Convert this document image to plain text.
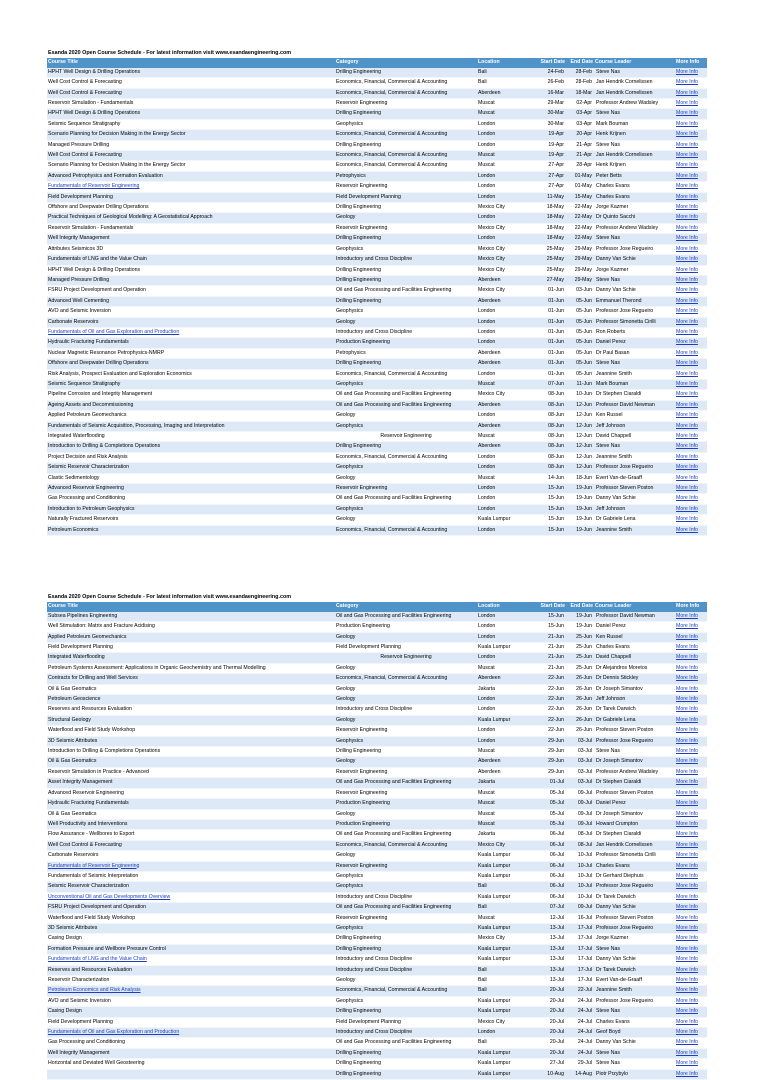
Esanda 2020 Open Course Schedule - For latest information visit www.esandaengineering.com
Course Title	Category	Location	Start Date	End Date	Course Leader	More Info
HPHT Well Design & Drilling Operations	Drilling Engineering	Bali	24-Feb	28-Feb	Steve Nas	More Info
Well Cost Control & Forecasting	Economics, Financial, Commercial & Accounting	Bali	26-Feb	28-Feb	Jan Hendrik Cornelissen	More Info
Well Cost Control & Forecasting	Economics, Financial, Commercial & Accounting	Aberdeen	16-Mar	18-Mar	Jan Hendrik Cornelissen	More Info
Reservoir Simulation - Fundamentals	Reservoir Engineering	Muscat	29-Mar	02-Apr	Professor Andrew Wadsley	More Info
HPHT Well Design & Drilling Operations	Drilling Engineering	Muscat	30-Mar	03-Apr	Steve Nas	More Info
Seismic Sequence Stratigraphy	Geophysics	London	30-Mar	03-Apr	Mark Bouman	More Info
Scenario Planning for Decision Making in the Energy Sector	Economics, Financial, Commercial & Accounting	London	19-Apr	20-Apr	Henk Krijnen	More Info
Managed Pressure Drilling	Drilling Engineering	London	19-Apr	21-Apr	Steve Nas	More Info
Well Cost Control & Forecasting	Economics, Financial, Commercial & Accounting	Muscat	19-Apr	21-Apr	Jan Hendrik Cornelissen	More Info
Scenario Planning for Decision Making in the Energy Sector	Economics, Financial, Commercial & Accounting	Muscat	27-Apr	28-Apr	Henk Krijnen	More Info
Advanced Petrophysics and Formation Evaluation	Petrophysics	London	27-Apr	01-May	Peter Betts	More Info
Fundamentals of Reservoir Engineering	Reservoir Engineering	London	27-Apr	01-May	Charles Evans	More Info
Field Development Planning	Field Development Planning	London	11-May	15-May	Charles Evans	More Info
Offshore and Deepwater Drilling Operations	Drilling Engineering	Mexico City	18-May	22-May	Jorge Kazmer	More Info
Practical Techniques of Geological Modelling: A Geostatistical Approach	Geology	London	18-May	22-May	Dr Quinto Sacchi	More Info
Reservoir Simulation - Fundamentals	Reservoir Engineering	Mexico City	18-May	22-May	Professor Andrew Wadsley	More Info
Well Integrity Management	Drilling Engineering	London	18-May	22-May	Steve Nas	More Info
Attributes Seismicos 3D	Geophysics	Mexico City	25-May	29-May	Professor Jose Regueiro	More Info
Fundamentals of LNG and the Value Chain	Introductory and Cross Discipline	Mexico City	25-May	29-May	Danny Van Schie	More Info
HPHT Well Design & Drilling Operations	Drilling Engineering	Mexico City	25-May	29-May	Jorge Kazmer	More Info
Managed Pressure Drilling	Drilling Engineering	Aberdeen	27-May	29-May	Steve Nas	More Info
FSRU Project Development and Operation	Oil and Gas Processing and Facilities Engineering	Mexico City	01-Jun	03-Jun	Danny Van Schie	More Info
Advanced Well Cementing	Drilling Engineering	Aberdeen	01-Jun	05-Jun	Emmanuel Therond	More Info
AVO and Seismic Inversion	Geophysics	London	01-Jun	05-Jun	Professor Jose Regueiro	More Info
Carbonate Reservoirs	Geology	London	01-Jun	05-Jun	Professor Simonetta Cirilli	More Info
Fundamentals of Oil and Gas Exploration and Production	Introductory and Cross Discipline	London	01-Jun	05-Jun	Ron Roberts	More Info
Hydraulic Fracturing Fundamentals	Production Engineering	London	01-Jun	05-Jun	Daniel Perez	More Info
Nuclear Magnetic Resonance Petrophysics-NMRP	Petrophysics	Aberdeen	01-Jun	05-Jun	Dr Paul Basan	More Info
Offshore and Deepwater Drilling Operations	Drilling Engineering	Aberdeen	01-Jun	05-Jun	Steve Nas	More Info
Risk Analysis, Prospect Evaluation and Exploration Economics	Economics, Financial, Commercial & Accounting	London	01-Jun	05-Jun	Jeannine Smith	More Info
Seismic Sequence Stratigraphy	Geophysics	Muscat	07-Jun	11-Jun	Mark Bouman	More Info
Pipeline Corrosion and Integrity Management	Oil and Gas Processing and Facilities Engineering	Mexico City	08-Jun	10-Jun	Dr Stephen Ciaraldi	More Info
Ageing Assets and Decommissioning	Oil and Gas Processing and Facilities Engineering	Aberdeen	08-Jun	12-Jun	Professor David Newman	More Info
Applied Petroleum Geomechanics	Geology	London	08-Jun	12-Jun	Ken Russel	More Info
Fundamentals of Seismic Acquisition, Processing, Imaging and Interpretation	Geophysics	Aberdeen	08-Jun	12-Jun	Jeff Johnson	More Info
Integrated Waterflooding	Reservoir Engineering	Muscat	08-Jun	12-Jun	David Chappell	More Info
Introduction to Drilling & Completions Operations	Drilling Engineering	Aberdeen	08-Jun	12-Jun	Steve Nas	More Info
Project Decision and Risk Analysis	Economics, Financial, Commercial & Accounting	London	08-Jun	12-Jun	Jeannine Smith	More Info
Seismic Reservoir Characterization	Geophysics	London	08-Jun	12-Jun	Professor Jose Regueiro	More Info
Clastic Sedimentology	Geology	Muscat	14-Jun	18-Jun	Evert Van-de-Graaff	More Info
Advanced Reservoir Engineering	Reservoir Engineering	London	15-Jun	19-Jun	Professor Steven Poston	More Info
Gas Processing and Conditioning	Oil and Gas Processing and Facilities Engineering	London	15-Jun	19-Jun	Danny Van Schie	More Info
Introduction to Petroleum Geophysics	Geophysics	London	15-Jun	19-Jun	Jeff Johnson	More Info
Naturally Fractured Reservoirs	Geology	Kuala Lumpur	15-Jun	19-Jun	Dr Gabriele Lena	More Info
Petroleum Economics	Economics, Financial, Commercial & Accounting	London	15-Jun	19-Jun	Jeannine Smith	More Info
Esanda 2020 Open Course Schedule - For latest information visit www.esandaengineering.com
Course Title	Category	Location	Start Date	End Date	Course Leader	More Info
Subsea Pipelines Engineering	Oil and Gas Processing and Facilities Engineering	London	15-Jun	19-Jun	Professor David Newman	More Info
Well Stimulation: Matrix and Fracture Acidising	Production Engineering	London	15-Jun	19-Jun	Daniel Perez	More Info
Applied Petroleum Geomechanics	Geology	London	21-Jun	25-Jun	Ken Russel	More Info
Field Development Planning	Field Development Planning	Kuala Lumpur	21-Jun	25-Jun	Charles Evans	More Info
Integrated Waterflooding	Reservoir Engineering	London	21-Jun	25-Jun	David Chappell	More Info
Petroleum Systems Assessment: Applications in Organic Geochemistry and Thermal Modelling	Geology	Muscat	21-Jun	25-Jun	Dr Alejandros Moretos	More Info
Contracts for Drilling and Well Services	Economics, Financial, Commercial & Accounting	Aberdeen	22-Jun	26-Jun	Dr Dennis Stickley	More Info
Oil & Gas Geomatics	Geology	Jakarta	22-Jun	26-Jun	Dr Joseph Simantov	More Info
Petroleum Geoscience	Geology	London	22-Jun	26-Jun	Jeff Johnson	More Info
Reserves and Resources Evaluation	Introductory and Cross Discipline	London	22-Jun	26-Jun	Dr Tarek Darwich	More Info
Structural Geology	Geology	Kuala Lumpur	22-Jun	26-Jun	Dr Gabriele Lena	More Info
Waterflood and Field Study Workshop	Reservoir Engineering	London	22-Jun	26-Jun	Professor Steven Poston	More Info
3D Seismic Attributes	Geophysics	London	29-Jun	03-Jul	Professor Jose Regueiro	More Info
Introduction to Drilling & Completions Operations	Drilling Engineering	Muscat	29-Jun	03-Jul	Steve Nas	More Info
Oil & Gas Geomatics	Geology	Aberdeen	29-Jun	03-Jul	Dr Joseph Simantov	More Info
Reservoir Simulation in Practice - Advanced	Reservoir Engineering	Aberdeen	29-Jun	03-Jul	Professor Andrew Wadsley	More Info
Asset Integrity Management	Oil and Gas Processing and Facilities Engineering	Jakarta	01-Jul	03-Jul	Dr Stephen Ciaraldi	More Info
Advanced Reservoir Engineering	Reservoir Engineering	Muscat	05-Jul	09-Jul	Professor Steven Poston	More Info
Hydraulic Fracturing Fundamentals	Production Engineering	Muscat	05-Jul	09-Jul	Daniel Perez	More Info
Oil & Gas Geomatics	Geology	Muscat	05-Jul	09-Jul	Dr Joseph Simantov	More Info
Well Productivity and Interventions	Production Engineering	Muscat	05-Jul	09-Jul	Howard Crumpton	More Info
Flow Assurance - Wellbores to Export	Oil and Gas Processing and Facilities Engineering	Jakarta	06-Jul	08-Jul	Dr Stephen Ciaraldi	More Info
Well Cost Control & Forecasting	Economics, Financial, Commercial & Accounting	Mexico City	06-Jul	08-Jul	Jan Hendrik Cornelissen	More Info
Carbonate Reservoirs	Geology	Kuala Lumpur	06-Jul	10-Jul	Professor Simonetta Cirilli	More Info
Fundamentals of Reservoir Engineering	Reservoir Engineering	Kuala Lumpur	06-Jul	10-Jul	Charles Evans	More Info
Fundamentals of Seismic Interpretation	Geophysics	Kuala Lumpur	06-Jul	10-Jul	Dr Gerhard Diephuis	More Info
Seismic Reservoir Characterization	Geophysics	Bali	06-Jul	10-Jul	Professor Jose Regueiro	More Info
Unconventional Oil and Gas Developments Overview	Introductory and Cross Discipline	Kuala Lumpur	06-Jul	10-Jul	Dr Tarek Darwich	More Info
FSRU Project Development and Operation	Oil and Gas Processing and Facilities Engineering	Bali	07-Jul	09-Jul	Danny Van Schie	More Info
Waterflood and Field Study Workshop	Reservoir Engineering	Muscat	12-Jul	16-Jul	Professor Steven Poston	More Info
3D Seismic Attributes	Geophysics	Kuala Lumpur	13-Jul	17-Jul	Professor Jose Regueiro	More Info
Casing Design	Drilling Engineering	Mexico City	13-Jul	17-Jul	Jorge Kazmer	More Info
Formation Pressure and Wellbore Pressure Control	Drilling Engineering	Kuala Lumpur	13-Jul	17-Jul	Steve Nas	More Info
Fundamentals of LNG and the Value Chain	Introductory and Cross Discipline	Kuala Lumpur	13-Jul	17-Jul	Danny Van Schie	More Info
Reserves and Resources Evaluation	Introductory and Cross Discipline	Bali	13-Jul	17-Jul	Dr Tarek Darwich	More Info
Reservoir Characterization	Geology	Bali	13-Jul	17-Jul	Evert Van-de-Graaff	More Info
Petroleum Economics and Risk Analysis	Economics, Financial, Commercial & Accounting	Bali	20-Jul	22-Jul	Jeannine Smith	More Info
AVO and Seismic Inversion	Geophysics	Kuala Lumpur	20-Jul	24-Jul	Professor Jose Regueiro	More Info
Casing Design	Drilling Engineering	Kuala Lumpur	20-Jul	24-Jul	Steve Nas	More Info
Field Development Planning	Field Development Planning	Mexico City	20-Jul	24-Jul	Charles Evans	More Info
Fundamentals of Oil and Gas Exploration and Production	Introductory and Cross Discipline	London	20-Jul	24-Jul	Geof Boyd	More Info
Gas Processing and Conditioning	Oil and Gas Processing and Facilities Engineering	Bali	20-Jul	24-Jul	Danny Van Schie	More Info
Well Integrity Management	Drilling Engineering	Kuala Lumpur	20-Jul	24-Jul	Steve Nas	More Info
Horizontal and Deviated Well Geosteering	Drilling Engineering	Kuala Lumpur	27-Jul	29-Jul	Steve Nas	More Info
	Drilling Engineering	Kuala Lumpur	10-Aug	14-Aug	Piotr Przybylo	More Info
